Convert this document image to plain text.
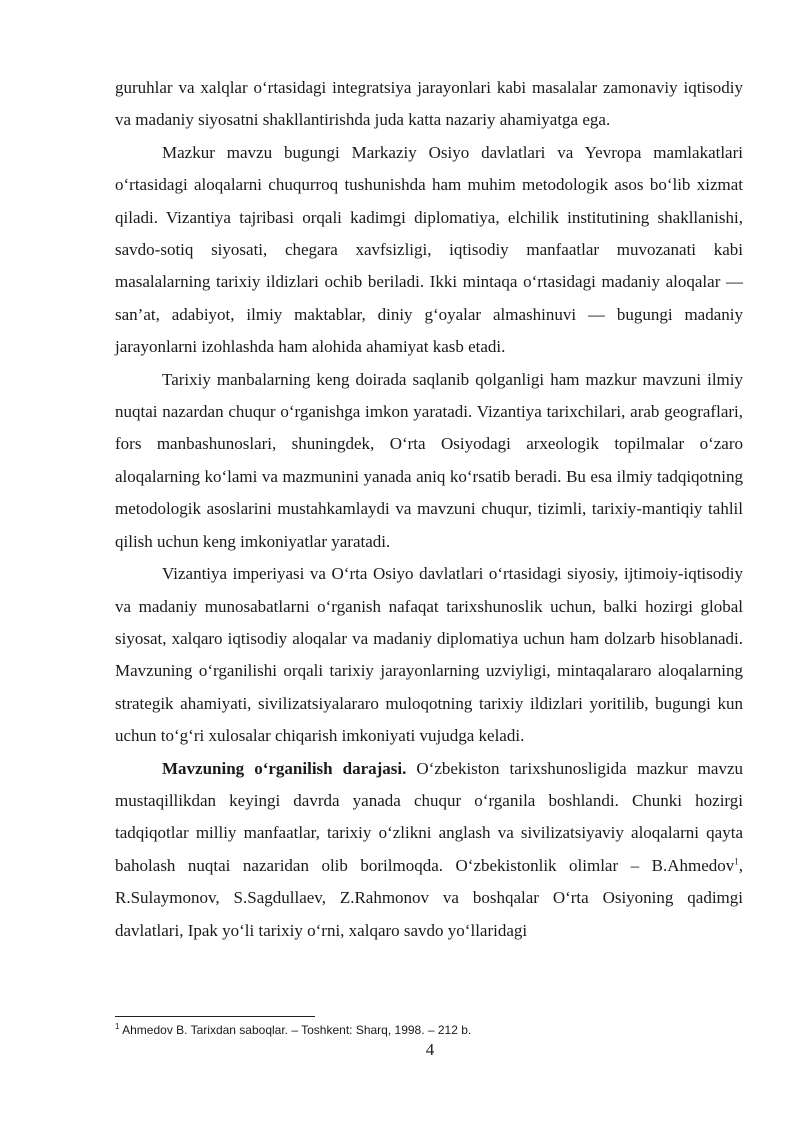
guruhlar va xalqlar o‘rtasidagi integratsiya jarayonlari kabi masalalar zamonaviy iqtisodiy va madaniy siyosatni shakllantirishda juda katta nazariy ahamiyatga ega.

Mazkur mavzu bugungi Markaziy Osiyo davlatlari va Yevropa mamlakatlari o‘rtasidagi aloqalarni chuqurroq tushunishda ham muhim metodologik asos bo‘lib xizmat qiladi. Vizantiya tajribasi orqali kadimgi diplomatiya, elchilik institutining shakllanishi, savdo-sotiq siyosati, chegara xavfsizligi, iqtisodiy manfaatlar muvozanati kabi masalalarning tarixiy ildizlari ochib beriladi. Ikki mintaqa o‘rtasidagi madaniy aloqalar — san’at, adabiyot, ilmiy maktablar, diniy g‘oyalar almashinuvi — bugungi madaniy jarayonlarni izohlashda ham alohida ahamiyat kasb etadi.

Tarixiy manbalarning keng doirada saqlanib qolganligi ham mazkur mavzuni ilmiy nuqtai nazardan chuqur o‘rganishga imkon yaratadi. Vizantiya tarixchilari, arab geograflari, fors manbashunoslari, shuningdek, O‘rta Osiyodagi arxeologik topilmalar o‘zaro aloqalarning ko‘lami va mazmunini yanada aniq ko‘rsatib beradi. Bu esa ilmiy tadqiqotning metodologik asoslarini mustahkamlaydi va mavzuni chuqur, tizimli, tarixiy-mantiqiy tahlil qilish uchun keng imkoniyatlar yaratadi.

Vizantiya imperiyasi va O‘rta Osiyo davlatlari o‘rtasidagi siyosiy, ijtimoiy-iqtisodiy va madaniy munosabatlarni o‘rganish nafaqat tarixshunoslik uchun, balki hozirgi global siyosat, xalqaro iqtisodiy aloqalar va madaniy diplomatiya uchun ham dolzarb hisoblanadi. Mavzuning o‘rganilishi orqali tarixiy jarayonlarning uzviyligi, mintaqalararo aloqalarning strategik ahamiyati, sivilizatsiyalararo muloqotning tarixiy ildizlari yoritilib, bugungi kun uchun to‘g‘ri xulosalar chiqarish imkoniyati vujudga keladi.

Mavzuning o‘rganilish darajasi. O‘zbekiston tarixshunosligida mazkur mavzu mustaqillikdan keyingi davrda yanada chuqur o‘rganila boshlandi. Chunki hozirgi tadqiqotlar milliy manfaatlar, tarixiy o‘zlikni anglash va sivilizatsiyaviy aloqalarni qayta baholash nuqtai nazaridan olib borilmoqda. O‘zbekistonlik olimlar – B.Ahmedov$^1$, R.Sulaymonov, S.Sagdullaev, Z.Rahmonov va boshqalar O‘rta Osiyoning qadimgi davlatlari, Ipak yo‘li tarixiy o‘rni, xalqaro savdo yo‘llaridagi

$^1$ Ahmedov B. Tarixdan saboqlar. – Toshkent: Sharq, 1998. – 212 b.
4
